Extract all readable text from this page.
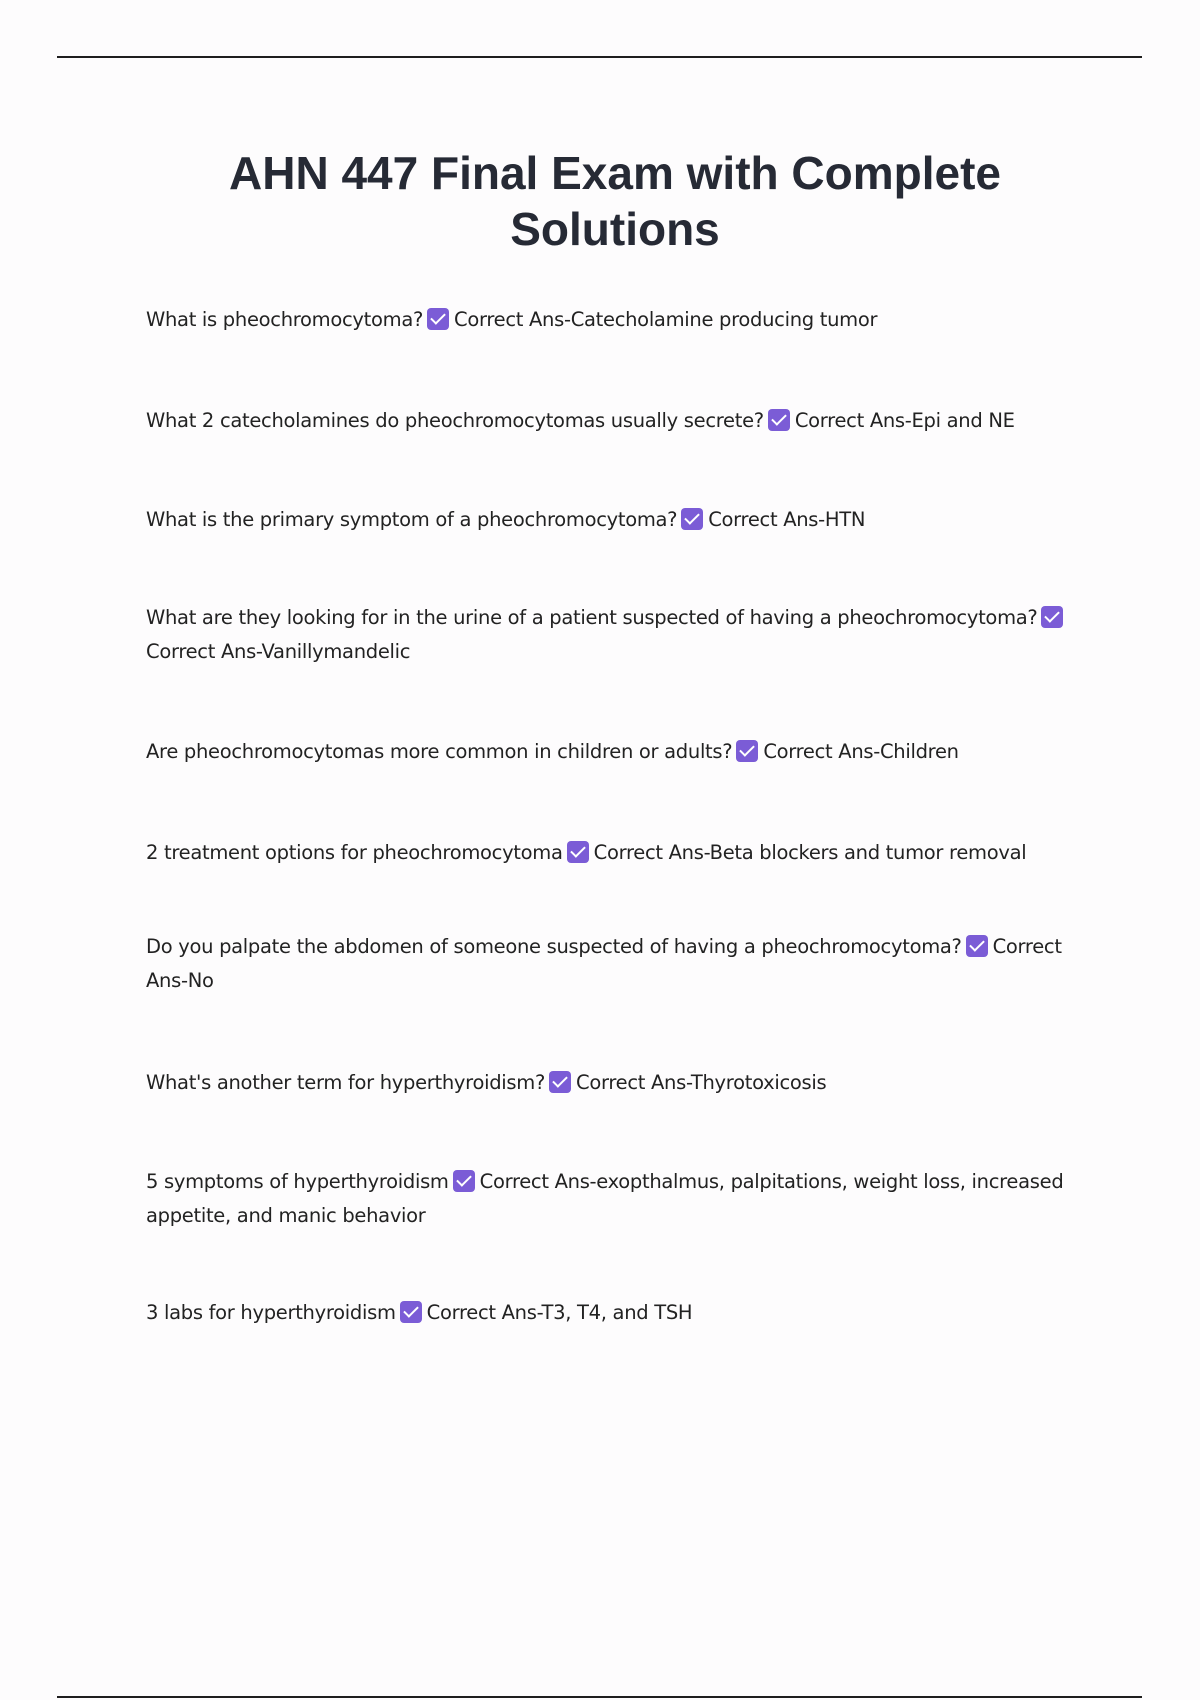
AHN 447 Final Exam with Complete Solutions

What is pheochromocytoma? Correct Ans-Catecholamine producing tumor

What 2 catecholamines do pheochromocytomas usually secrete? Correct Ans-Epi and NE

What is the primary symptom of a pheochromocytoma? Correct Ans-HTN

What are they looking for in the urine of a patient suspected of having a pheochromocytoma?Correct Ans-Vanillymandelic

Are pheochromocytomas more common in children or adults? Correct Ans-Children

2 treatment options for pheochromocytoma Correct Ans-Beta blockers and tumor removal

Do you palpate the abdomen of someone suspected of having a pheochromocytoma? Correct Ans-No

What's another term for hyperthyroidism? Correct Ans-Thyrotoxicosis

5 symptoms of hyperthyroidism Correct Ans-exopthalmus, palpitations, weight loss, increased appetite, and manic behavior

3 labs for hyperthyroidism Correct Ans-T3, T4, and TSH
